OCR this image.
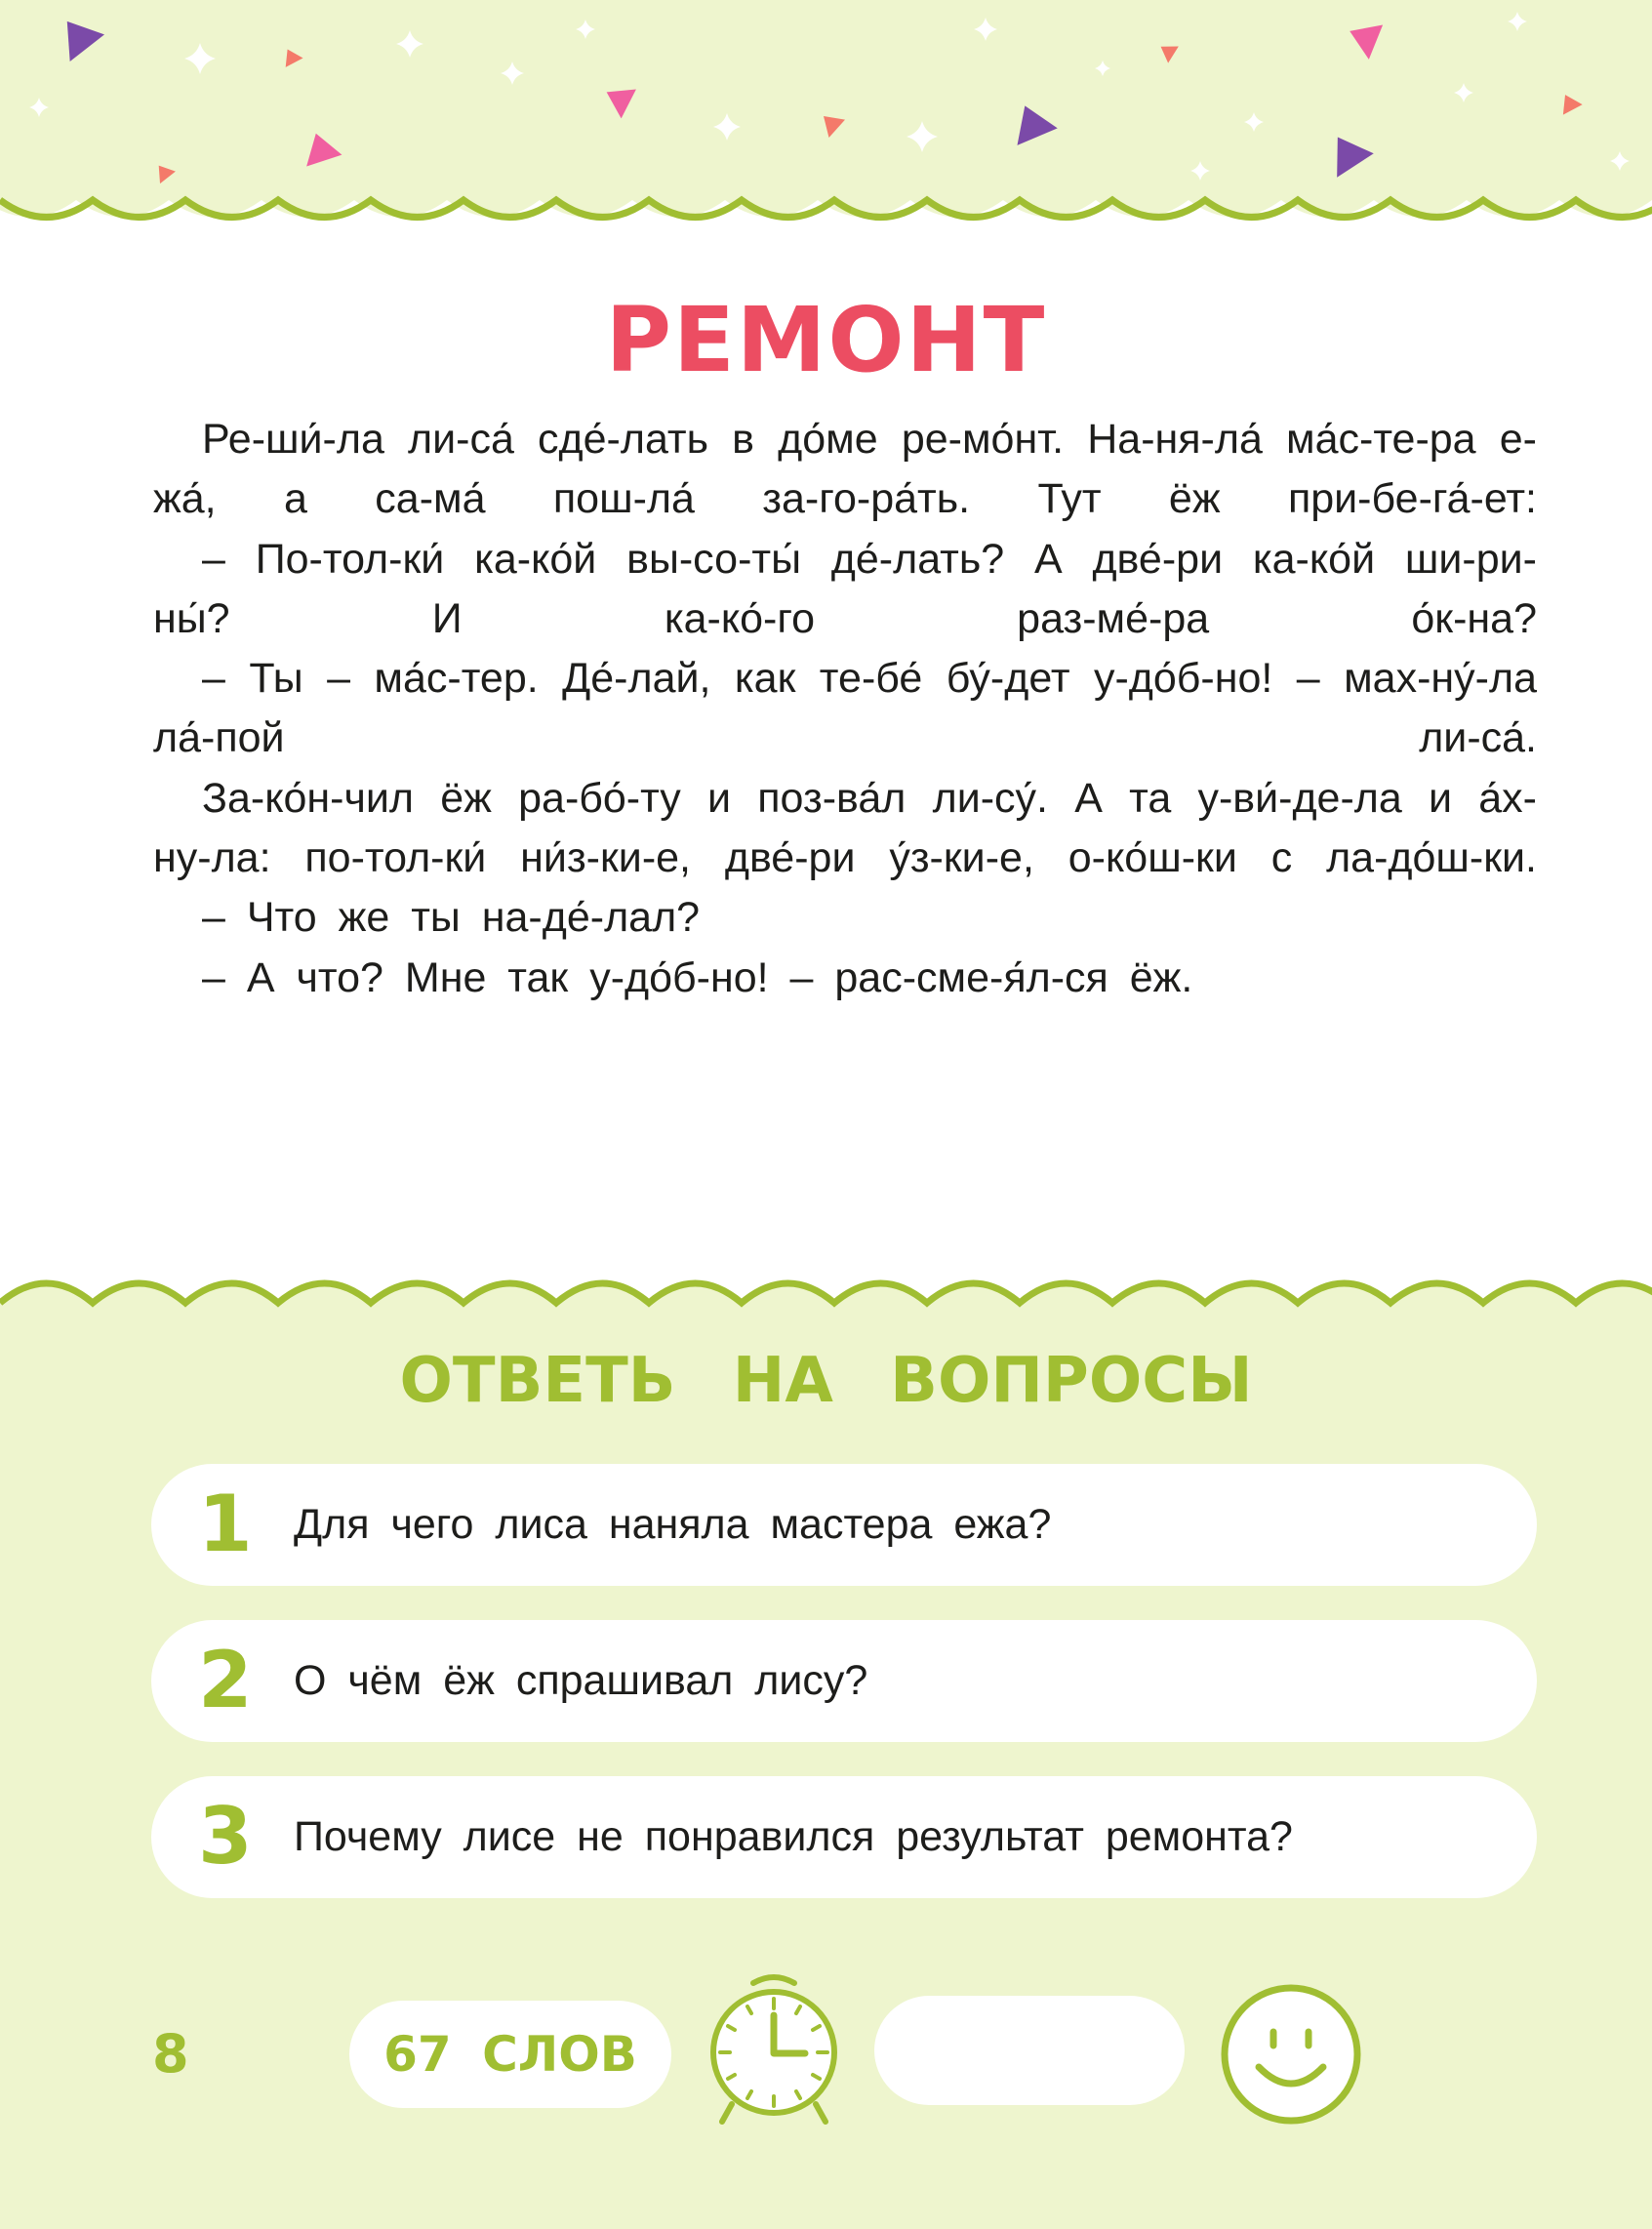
РЕМОНТ

Ре-ши́-ла ли-са́ сде́-лать в до́ме ре-мо́нт. На-ня-ла́ ма́с-те-ра е-жа́, а са-ма́ пош-ла́ за-го-ра́ть. Тут ёж при-бе-га́-ет:

– По-тол-ки́ ка-ко́й вы-со-ты́ де́-лать? А две́-ри ка-ко́й ши-ри-ны́? И ка-ко́-го раз-ме́-ра о́к-на?

– Ты – ма́с-тер. Де́-лай, как те-бе́ бу́-дет у-до́б-но! – мах-ну́-ла ла́-пой ли-са́.

За-ко́н-чил ёж ра-бо́-ту и поз-ва́л ли-су́. А та у-ви́-де-ла и а́х-ну-ла: по-тол-ки́ ни́з-ки-е, две́-ри у́з-ки-е, о-ко́ш-ки с ла-до́ш-ки.

– Что же ты на-де́-лал?

– А что? Мне так у-до́б-но! – рас-сме-я́л-ся ёж.

ОТВЕТЬ НА ВОПРОСЫ
1 Для чего лиса наняла мастера ежа?
2 О чём ёж спрашивал лису?
3 Почему лисе не понравился результат ремонта?
8	67 СЛОВ
